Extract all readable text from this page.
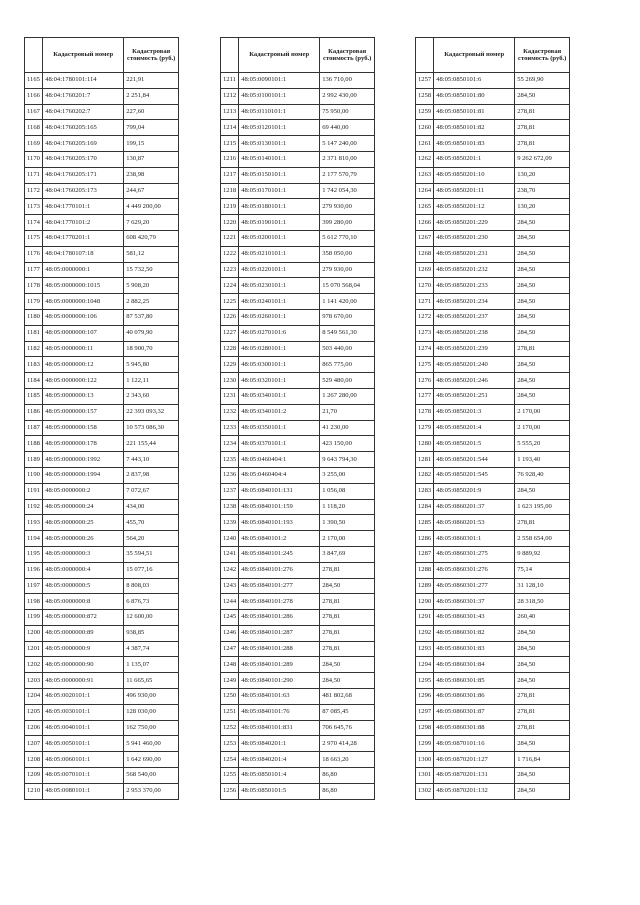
	Кадастровый номер	Кадастровая стоимость (руб.)
1165	48:04:1780101:114	221,91
1166	48:04:1760201:7	2 251,84
1167	48:04:1760202:7	227,60
1168	48:04:1760205:165	799,04
1169	48:04:1760205:169	199,15
1170	48:04:1760205:170	130,87
1171	48:04:1760205:171	238,98
1172	48:04:1760205:173	244,67
1173	48:04:1770101:1	4 449 200,00
1174	48:04:1770101:2	7 629,20
1175	48:04:1770201:1	608 420,79
1176	48:04:1780107:18	581,12
1177	48:05:0000000:1	15 732,50
1178	48:05:0000000:1015	5 908,20
1179	48:05:0000000:1048	2 882,25
1180	48:05:0000000:106	87 537,80
1181	48:05:0000000:107	40 079,90
1182	48:05:0000000:11	18 900,70
1183	48:05:0000000:12	5 945,80
1184	48:05:0000000:122	1 122,11
1185	48:05:0000000:13	2 343,60
1186	48:05:0000000:157	22 393 093,32
1187	48:05:0000000:158	10 573 086,30
1188	48:05:0000000:178	221 155,44
1189	48:05:0000000:1992	7 443,10
1190	48:05:0000000:1994	2 837,98
1191	48:05:0000000:2	7 072,67
1192	48:05:0000000:24	434,00
1193	48:05:0000000:25	455,70
1194	48:05:0000000:26	564,20
1195	48:05:0000000:3	35 594,51
1196	48:05:0000000:4	15 077,16
1197	48:05:0000000:5	8 808,03
1198	48:05:0000000:8	6 876,73
1199	48:05:0000000:872	12 600,00
1200	48:05:0000000:89	938,85
1201	48:05:0000000:9	4 387,74
1202	48:05:0000000:90	1 135,07
1203	48:05:0000000:91	11 665,65
1204	48:05:0020101:1	496 930,00
1205	48:05:0030101:1	128 030,00
1206	48:05:0040101:1	162 750,00
1207	48:05:0050101:1	5 941 460,00
1208	48:05:0060101:1	1 642 690,00
1209	48:05:0070101:1	568 540,00
1210	48:05:0080101:1	2 953 370,00
	Кадастровый номер	Кадастровая стоимость (руб.)
1211	48:05:0090101:1	136 710,00
1212	48:05:0100101:1	2 992 430,00
1213	48:05:0110101:1	75 950,00
1214	48:05:0120101:1	69 440,00
1215	48:05:0130101:1	5 147 240,00
1216	48:05:0140101:1	2 371 810,00
1217	48:05:0150101:1	2 177 570,79
1218	48:05:0170101:1	1 742 054,30
1219	48:05:0180101:1	279 930,00
1220	48:05:0190101:1	399 280,00
1221	48:05:0200101:1	5 612 770,10
1222	48:05:0210101:1	358 050,00
1223	48:05:0220101:1	279 930,00
1224	48:05:0230101:1	15 070 568,04
1225	48:05:0240101:1	1 141 420,00
1226	48:05:0260101:1	978 670,00
1227	48:05:0270101:6	8 549 561,30
1228	48:05:0280101:1	503 440,00
1229	48:05:0300101:1	865 775,00
1230	48:05:0320101:1	529 480,00
1231	48:05:0340101:1	1 267 280,00
1232	48:05:0340101:2	21,70
1233	48:05:0350101:1	41 230,00
1234	48:05:0370101:1	423 150,00
1235	48:05:0460404:1	9 643 794,30
1236	48:05:0460404:4	3 255,00
1237	48:05:0840101:131	1 056,08
1238	48:05:0840101:159	1 118,20
1239	48:05:0840101:193	1 390,50
1240	48:05:0840101:2	2 170,00
1241	48:05:0840101:245	3 847,69
1242	48:05:0840101:276	278,81
1243	48:05:0840101:277	284,50
1244	48:05:0840101:278	278,81
1245	48:05:0840101:286	278,81
1246	48:05:0840101:287	278,81
1247	48:05:0840101:288	278,81
1248	48:05:0840101:289	284,50
1249	48:05:0840101:290	284,50
1250	48:05:0840101:63	481 802,68
1251	48:05:0840101:76	87 085,45
1252	48:05:0840101:831	706 645,76
1253	48:05:0840201:1	2 970 414,28
1254	48:05:0840201:4	18 663,20
1255	48:05:0850101:4	86,80
1256	48:05:0850101:5	86,80
	Кадастровый номер	Кадастровая стоимость (руб.)
1257	48:05:0850101:6	55 269,90
1258	48:05:0850101:80	284,50
1259	48:05:0850101:81	278,81
1260	48:05:0850101:82	278,81
1261	48:05:0850101:83	278,81
1262	48:05:0850201:1	9 262 672,09
1263	48:05:0850201:10	130,20
1264	48:05:0850201:11	238,70
1265	48:05:0850201:12	130,20
1266	48:05:0850201:229	284,50
1267	48:05:0850201:230	284,50
1268	48:05:0850201:231	284,50
1269	48:05:0850201:232	284,50
1270	48:05:0850201:233	284,50
1271	48:05:0850201:234	284,50
1272	48:05:0850201:237	284,50
1273	48:05:0850201:238	284,50
1274	48:05:0850201:239	278,81
1275	48:05:0850201:240	284,50
1276	48:05:0850201:246	284,50
1277	48:05:0850201:251	284,50
1278	48:05:0850201:3	2 170,00
1279	48:05:0850201:4	2 170,00
1280	48:05:0850201:5	5 555,20
1281	48:05:0850201:544	1 193,40
1282	48:05:0850201:545	76 928,40
1283	48:05:0850201:9	284,50
1284	48:05:0860201:37	1 623 195,00
1285	48:05:0860201:53	278,81
1286	48:05:0860301:1	2 558 654,00
1287	48:05:0860301:275	9 889,92
1288	48:05:0860301:276	75,14
1289	48:05:0860301:277	31 128,10
1290	48:05:0860301:37	28 318,50
1291	48:05:0860301:43	260,40
1292	48:05:0860301:82	284,50
1293	48:05:0860301:83	284,50
1294	48:05:0860301:84	284,50
1295	48:05:0860301:85	284,50
1296	48:05:0860301:86	278,81
1297	48:05:0860301:87	278,81
1298	48:05:0860301:88	278,81
1299	48:05:0870101:16	284,50
1300	48:05:0870201:127	1 716,84
1301	48:05:0870201:131	284,50
1302	48:05:0870201:132	284,50
